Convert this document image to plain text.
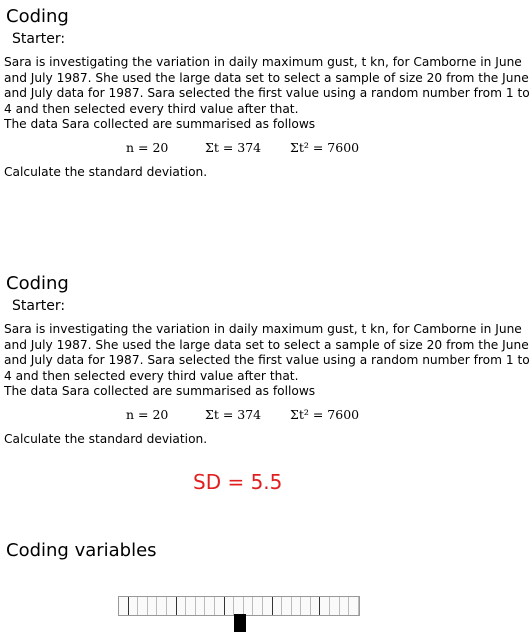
Coding
Starter:
Sara is investigating the variation in daily maximum gust, t kn, for Camborne in June
and July 1987. She used the large data set to select a sample of size 20 from the June
and July data for 1987. Sara selected the first value using a random number from 1 to
4 and then selected every third value after that.
The data Sara collected are summarised as follows
n = 20	Σt = 374 Σt² = 7600
Calculate the standard deviation.
Coding
Starter:
Sara is investigating the variation in daily maximum gust, t kn, for Camborne in June
and July 1987. She used the large data set to select a sample of size 20 from the June
and July data for 1987. Sara selected the first value using a random number from 1 to
4 and then selected every third value after that.
The data Sara collected are summarised as follows
n = 20	Σt = 374 Σt² = 7600
Calculate the standard deviation.
SD = 5.5
Coding variables
